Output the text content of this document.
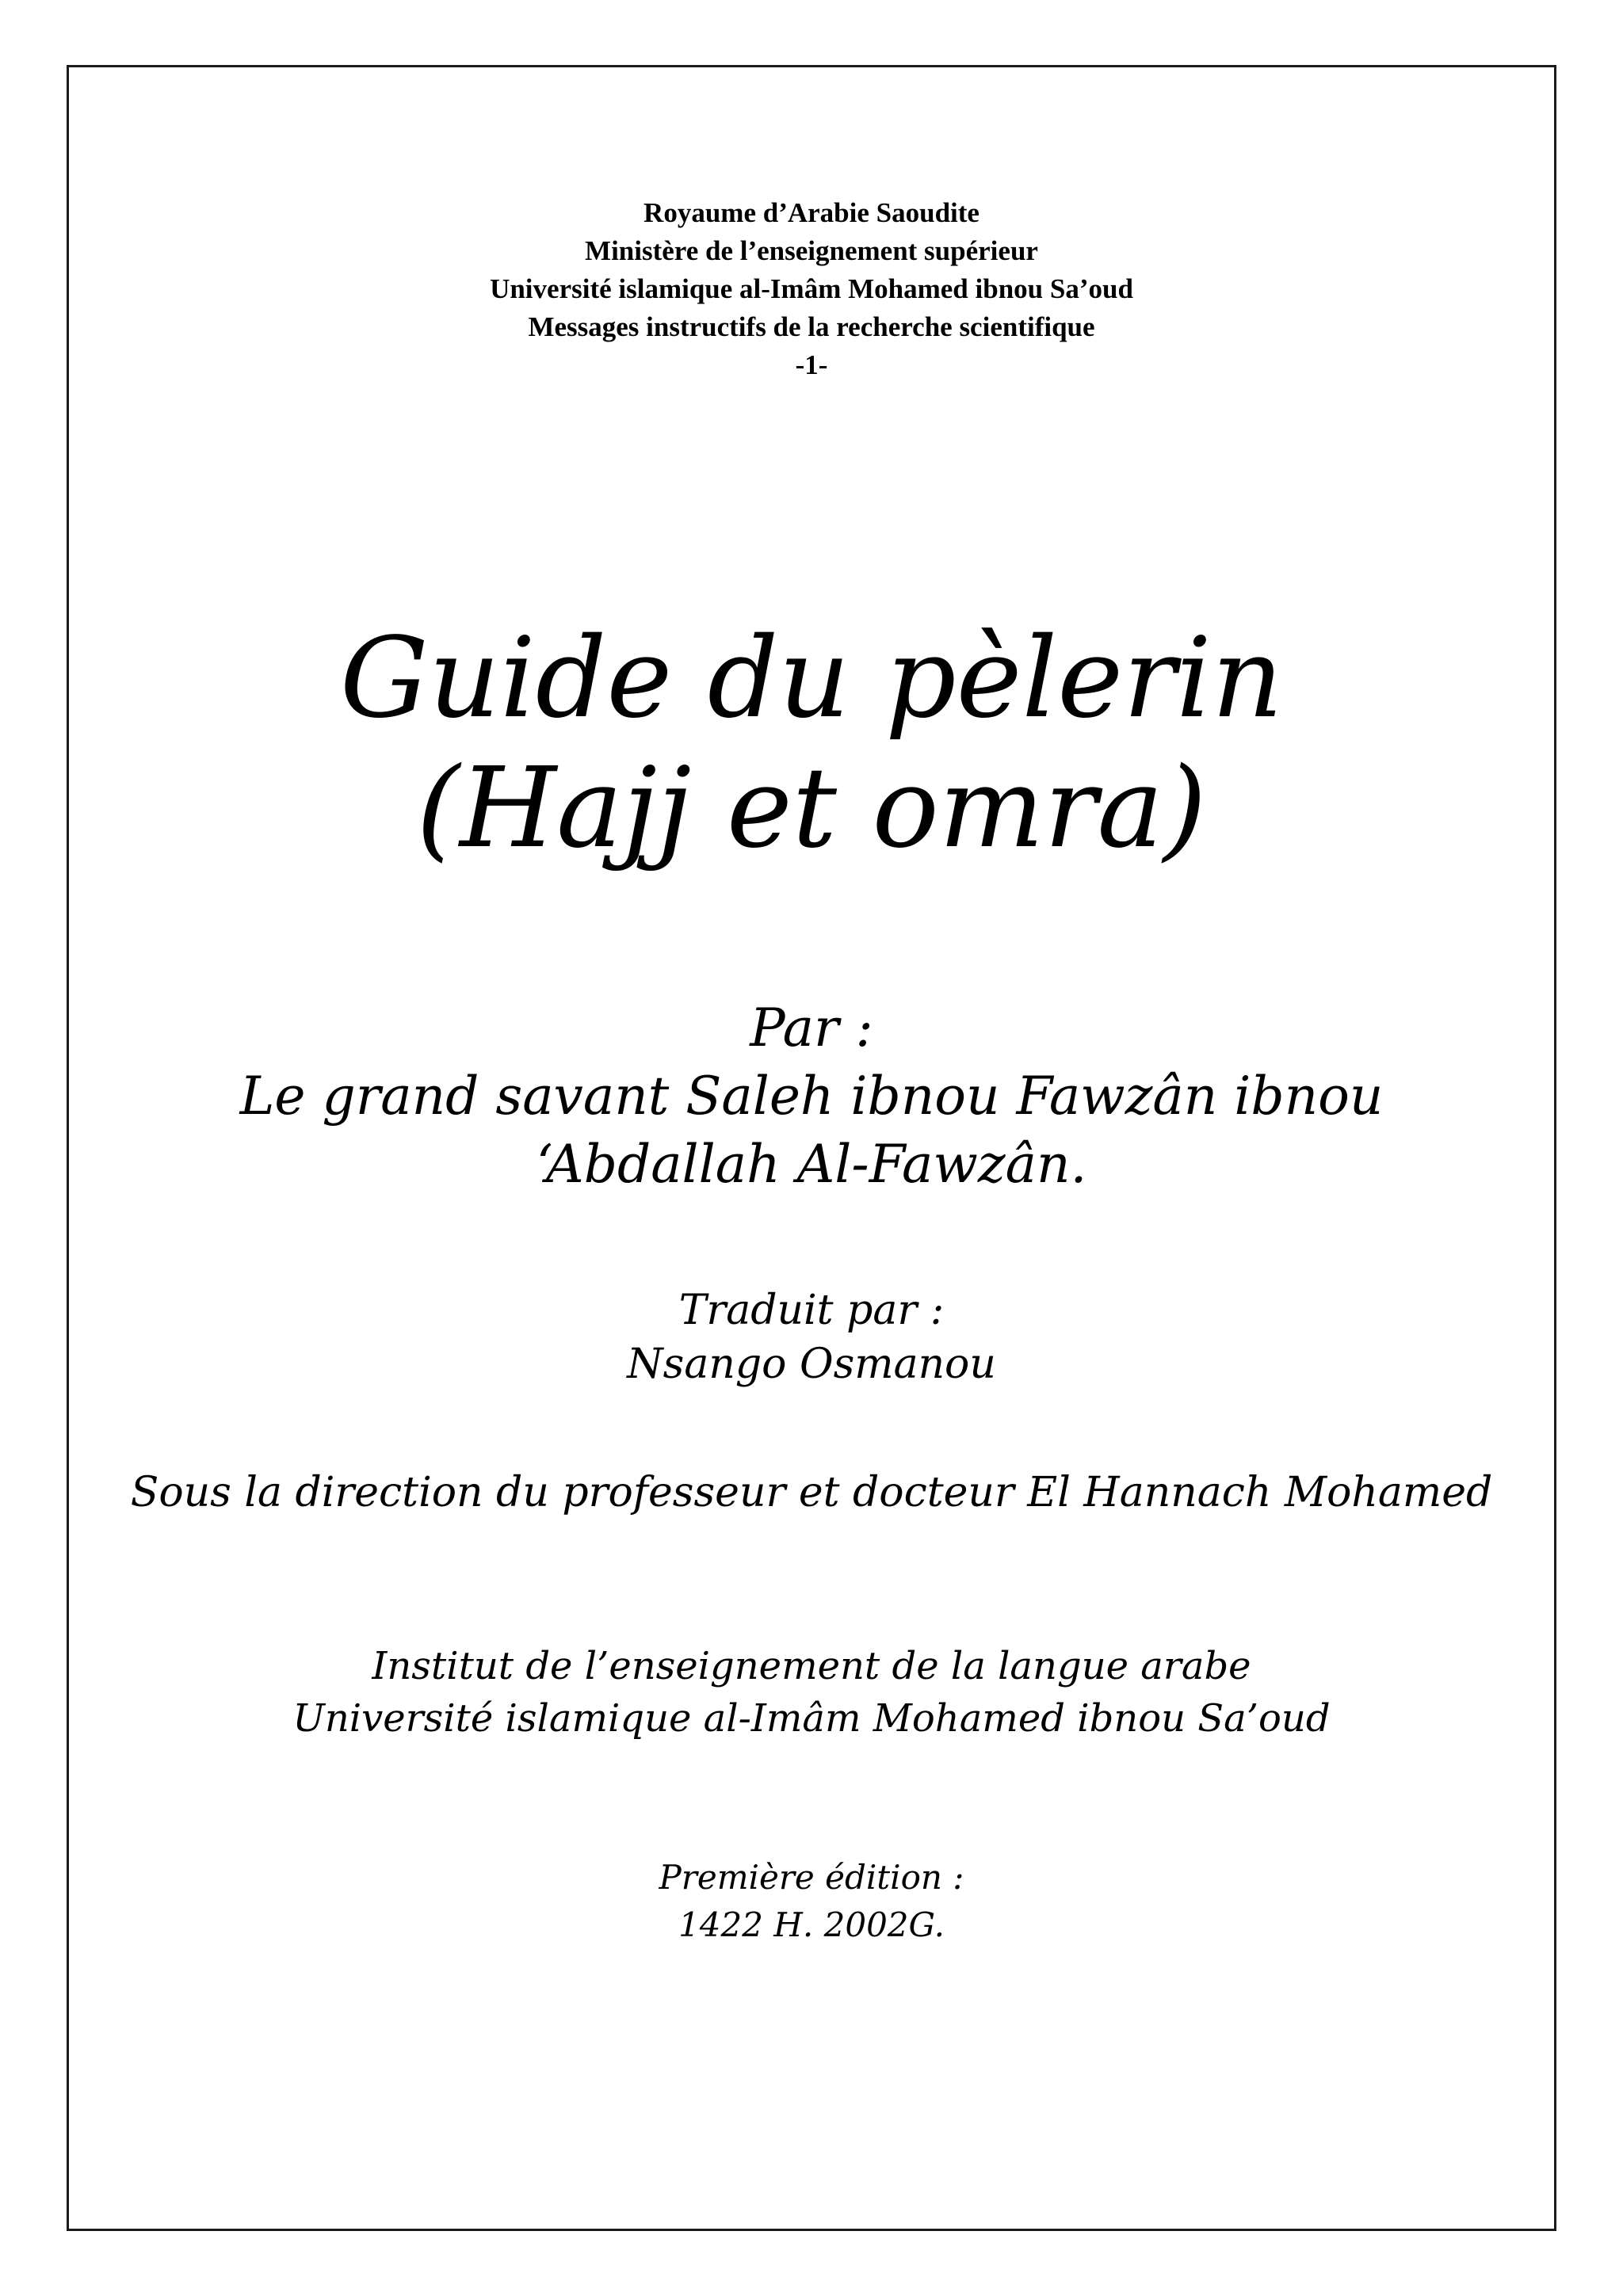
Royaume d’Arabie Saoudite
Ministère de l’enseignement supérieur
Université islamique al-Imâm Mohamed ibnou Sa’oud
Messages instructifs de la recherche scientifique
-1-
Guide du pèlerin
(Hajj et omra)
Par :
Le grand savant Saleh ibnou Fawzân ibnou
‘Abdallah Al-Fawzân.
Traduit par :
Nsango Osmanou
Sous la direction du professeur et docteur El Hannach Mohamed
Institut de l’enseignement de la langue arabe
Université islamique al-Imâm Mohamed ibnou Sa’oud
Première édition :
1422 H. 2002G.
